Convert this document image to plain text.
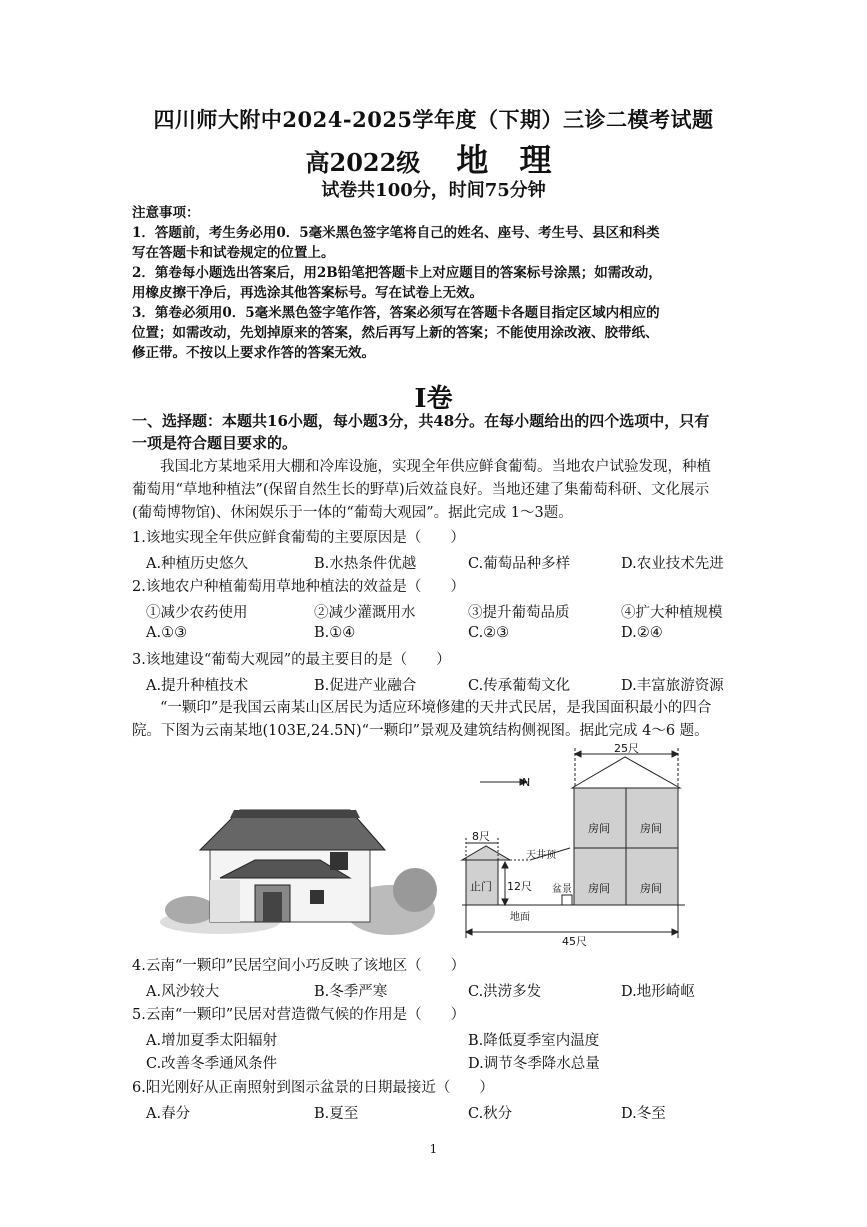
四川师大附中2024-2025学年度（下期）三诊二模考试题
高2022级 地 理
试卷共100分，时间75分钟
注意事项：
1．答题前，考生务必用0．5毫米黑色签字笔将自己的姓名、座号、考生号、县区和科类
写在答题卡和试卷规定的位置上。
2．第卷每小题选出答案后，用2B铅笔把答题卡上对应题目的答案标号涂黑；如需改动，
用橡皮擦干净后，再选涂其他答案标号。写在试卷上无效。
3．第卷必须用0．5毫米黑色签字笔作答，答案必须写在答题卡各题目指定区域内相应的
位置；如需改动，先划掉原来的答案，然后再写上新的答案；不能使用涂改液、胶带纸、
修正带。不按以上要求作答的答案无效。
I卷
一、选择题：本题共16小题，每小题3分，共48分。在每小题给出的四个选项中，只有
一项是符合题目要求的。
我国北方某地采用大棚和冷库设施，实现全年供应鲜食葡萄。当地农户试验发现，种植
葡萄用“草地种植法”(保留自然生长的野草)后效益良好。当地还建了集葡萄科研、文化展示
(葡萄博物馆)、休闲娱乐于一体的“葡萄大观园”。据此完成 1～3题。
1.该地实现全年供应鲜食葡萄的主要原因是（　　）
A.种植历史悠久	B.水热条件优越	C.葡萄品种多样	D.农业技术先进
2.该地农户种植葡萄用草地种植法的效益是（　　）
①减少农药使用	②减少灌溉用水	③提升葡萄品质	④扩大种植规模
A.①③	B.①④	C.②③	D.②④
3.该地建设“葡萄大观园”的最主要目的是（　　）
A.提升种植技术	B.促进产业融合	C.传承葡萄文化	D.丰富旅游资源
“一颗印”是我国云南某山区居民为适应环境修建的天井式民居，是我国面积最小的四合
院。下图为云南某地(103E,24.5N)“一颗印”景观及建筑结构侧视图。据此完成 4～6 题。
N
25尺
8尺
12尺
止门
地面
天井顶
盆景
房间	房间
房间	房间
45尺
4.云南“一颗印”民居空间小巧反映了该地区（　　）
A.风沙较大	B.冬季严寒	C.洪涝多发	D.地形崎岖
5.云南“一颗印”民居对营造微气候的作用是（　　）
A.增加夏季太阳辐射	B.降低夏季室内温度
C.改善冬季通风条件	D.调节冬季降水总量
6.阳光刚好从正南照射到图示盆景的日期最接近（　　）
A.春分	B.夏至	C.秋分	D.冬至
1
